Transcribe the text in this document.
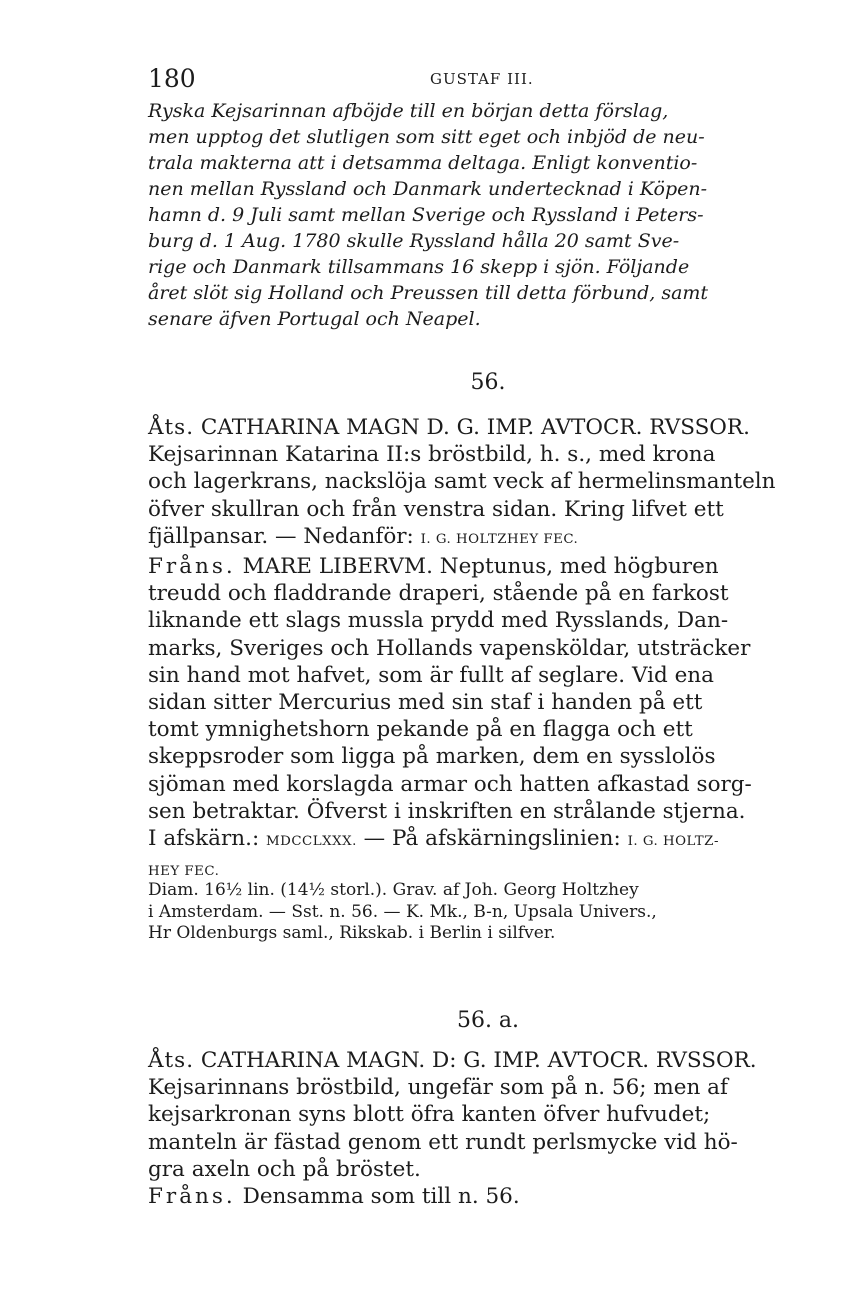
180	GUSTAF III.

Ryska Kejsarinnan afböjde till en början detta förslag,
men upptog det slutligen som sitt eget och inbjöd de neu-
trala makterna att i detsamma deltaga. Enligt konventio-
nen mellan Ryssland och Danmark undertecknad i Köpen-
hamn d. 9 Juli samt mellan Sverige och Ryssland i Peters-
burg d. 1 Aug. 1780 skulle Ryssland hålla 20 samt Sve-
rige och Danmark tillsammans 16 skepp i sjön. Följande
året slöt sig Holland och Preussen till detta förbund, samt
senare äfven Portugal och Neapel.

56.

Åts. CATHARINA MAGN D. G. IMP. AVTOCR. RVSSOR.
Kejsarinnan Katarina II:s bröstbild, h. s., med krona
och lagerkrans, nackslöja samt veck af hermelinsmanteln
öfver skullran och från venstra sidan. Kring lifvet ett
fjällpansar. — Nedanför: I. G. HOLTZHEY FEC.
Fråns. MARE LIBERVM. Neptunus, med högburen
treudd och fladdrande draperi, stående på en farkost
liknande ett slags mussla prydd med Rysslands, Dan-
marks, Sveriges och Hollands vapensköldar, utsträcker
sin hand mot hafvet, som är fullt af seglare. Vid ena
sidan sitter Mercurius med sin staf i handen på ett
tomt ymnighetshorn pekande på en flagga och ett
skeppsroder som ligga på marken, dem en sysslolös
sjöman med korslagda armar och hatten afkastad sorg-
sen betraktar. Öfverst i inskriften en strålande stjerna.
I afskärn.: MDCCLXXX. — På afskärningslinien: I. G. HOLTZ-
HEY FEC.

Diam. 16½ lin. (14½ storl.). Grav. af Joh. Georg Holtzhey
i Amsterdam. — Sst. n. 56. — K. Mk., B-n, Upsala Univers.,
Hr Oldenburgs saml., Rikskab. i Berlin i silfver.

56. a.

Åts. CATHARINA MAGN. D: G. IMP. AVTOCR. RVSSOR.
Kejsarinnans bröstbild, ungefär som på n. 56; men af
kejsarkronan syns blott öfra kanten öfver hufvudet;
manteln är fästad genom ett rundt perlsmycke vid hö-
gra axeln och på bröstet.
Fråns. Densamma som till n. 56.
